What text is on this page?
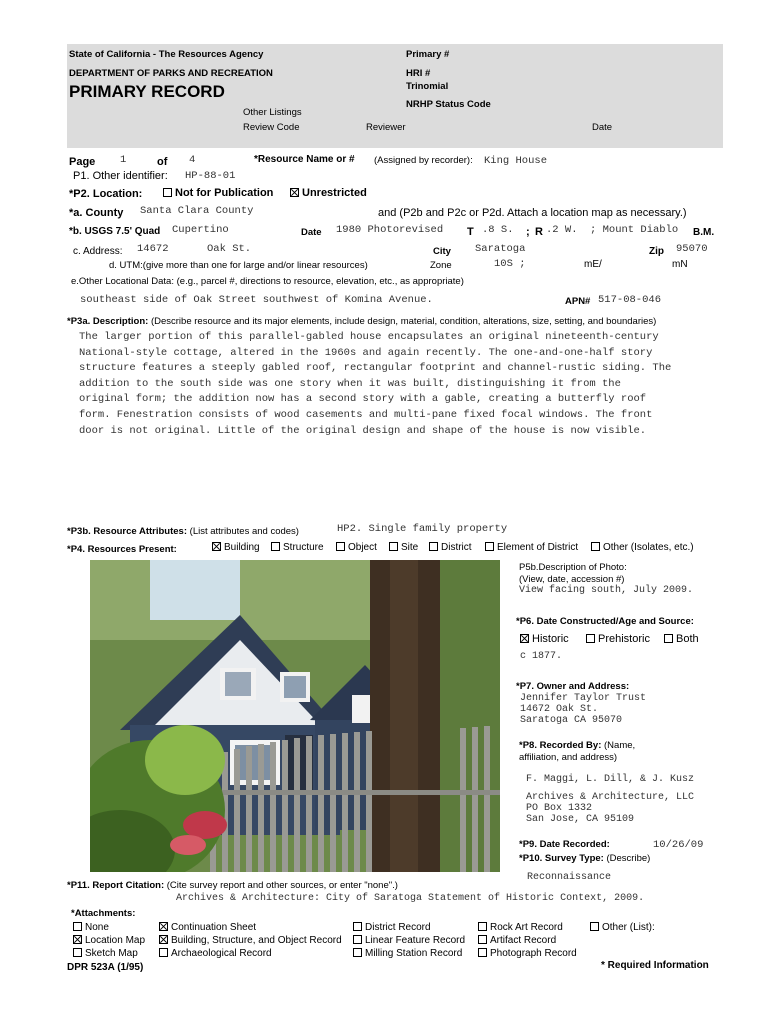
State of California - The Resources Agency
DEPARTMENT OF PARKS AND RECREATION
PRIMARY RECORD
Primary #
HRI #
Trinomial
NRHP Status Code
Other Listings
Review Code	Reviewer	Date
Page 1	of 4	*Resource Name or # (Assigned by recorder): King House
P1. Other identifier: HP-88-01
*P2. Location:	Not for Publication	Unrestricted
*a. County Santa Clara County	and (P2b and P2c or P2d. Attach a location map as necessary.)
*b. USGS 7.5' Quad Cupertino	Date 1980 Photorevised T .8 S. ; R .2 W. ; Mount Diablo B.M.
c. Address: 14672	Oak St.	City Saratoga	Zip 95070
d. UTM:(give more than one for large and/or linear resources)	Zone	10S ;	mE/	mN
e.Other Locational Data: (e.g., parcel #, directions to resource, elevation, etc., as appropriate)
southeast side of Oak Street southwest of Komina Avenue.	APN# 517-08-046
*P3a. Description: (Describe resource and its major elements, include design, material, condition, alterations, size, setting, and boundaries)
The larger portion of this parallel-gabled house encapsulates an original nineteenth-century
National-style cottage, altered in the 1960s and again recently. The one-and-one-half story
structure features a steeply gabled roof, rectangular footprint and channel-rustic siding. The
addition to the south side was one story when it was built, distinguishing it from the
original form; the addition now has a second story with a gable, creating a butterfly roof
form. Fenestration consists of wood casements and multi-pane fixed focal windows. The front
door is not original. Little of the original design and shape of the house is now visible.
*P3b. Resource Attributes: (List attributes and codes)	HP2. Single family property
*P4. Resources Present:	Building	Structure	Object	Site	District	Element of District	Other (Isolates, etc.)
P5b.Description of Photo:
(View, date, accession #)
View facing south, July 2009.
*P6. Date Constructed/Age and Source:
Historic	Prehistoric	Both
c 1877.
*P7. Owner and Address:
Jennifer Taylor Trust
14672 Oak St.
Saratoga CA 95070
*P8. Recorded By: (Name,
affiliation, and address)
F. Maggi, L. Dill, & J. Kusz
Archives & Architecture, LLC
PO Box 1332
San Jose, CA 95109
*P9. Date Recorded:	10/26/09
*P10. Survey Type: (Describe)
Reconnaissance
*P11. Report Citation: (Cite survey report and other sources, or enter "none".)
Archives & Architecture: City of Saratoga Statement of Historic Context, 2009.
*Attachments:
None
Location Map
Sketch Map
Continuation Sheet
Building, Structure, and Object Record
Archaeological Record
District Record
Linear Feature Record
Milling Station Record
Rock Art Record
Artifact Record
Photograph Record
Other (List):
DPR 523A (1/95)	* Required Information
